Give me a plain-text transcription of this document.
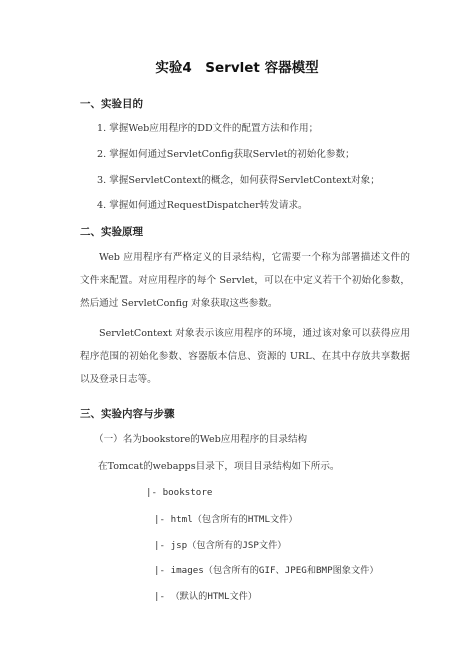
实验4　Servlet 容器模型
一、实验目的
1. 掌握Web应用程序的DD文件的配置方法和作用；
2. 掌握如何通过ServletConfig获取Servlet的初始化参数；
3. 掌握ServletContext的概念，如何获得ServletContext对象；
4. 掌握如何通过RequestDispatcher转发请求。
二、实验原理
Web 应用程序有严格定义的目录结构，它需要一个称为部署描述文件的文件来配置。对应用程序的每个 Servlet，可以在中定义若干个初始化参数，然后通过 ServletConfig 对象获取这些参数。
ServletContext 对象表示该应用程序的环境，通过该对象可以获得应用程序范围的初始化参数、容器版本信息、资源的 URL、在其中存放共享数据以及登录日志等。
三、实验内容与步骤
（一）名为bookstore的Web应用程序的目录结构
在Tomcat的webapps目录下，项目目录结构如下所示。
|- bookstore
|- html（包含所有的HTML文件）
|- jsp（包含所有的JSP文件）
|- images（包含所有的GIF、JPEG和BMP图象文件）
|- （默认的HTML文件）
